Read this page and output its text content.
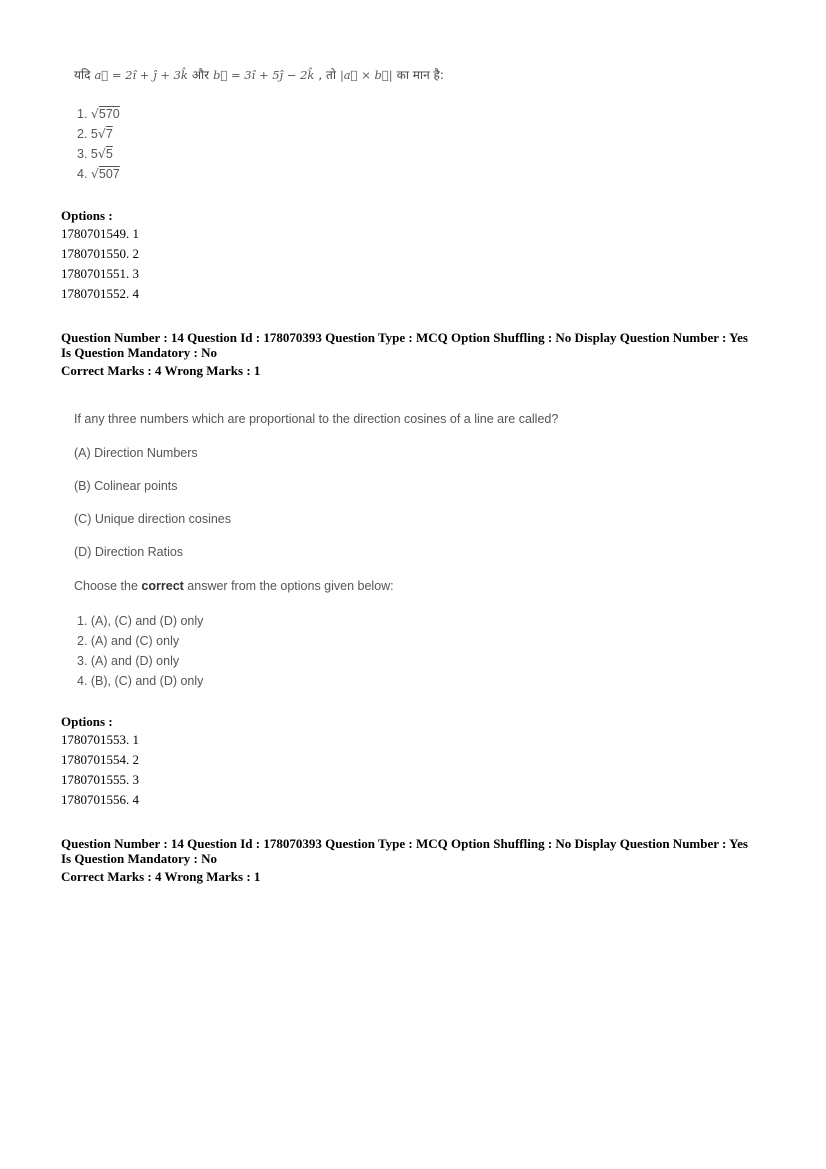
यदि a⃗ = 2î + ĵ + 3k̂ और b⃗ = 3î + 5ĵ − 2k̂ , तो |a⃗ × b⃗| का मान है:
1. √570
2. 5√7
3. 5√5
4. √507
Options :
1780701549. 1
1780701550. 2
1780701551. 3
1780701552. 4
Question Number : 14 Question Id : 178070393 Question Type : MCQ Option Shuffling : No Display Question Number : Yes
Is Question Mandatory : No
Correct Marks : 4 Wrong Marks : 1
If any three numbers which are proportional to the direction cosines of a line are called?
(A) Direction Numbers
(B) Colinear points
(C) Unique direction cosines
(D) Direction Ratios
Choose the correct answer from the options given below:
1. (A), (C) and (D) only
2. (A) and (C) only
3. (A) and (D) only
4. (B), (C) and (D) only
Options :
1780701553. 1
1780701554. 2
1780701555. 3
1780701556. 4
Question Number : 14 Question Id : 178070393 Question Type : MCQ Option Shuffling : No Display Question Number : Yes
Is Question Mandatory : No
Correct Marks : 4 Wrong Marks : 1
